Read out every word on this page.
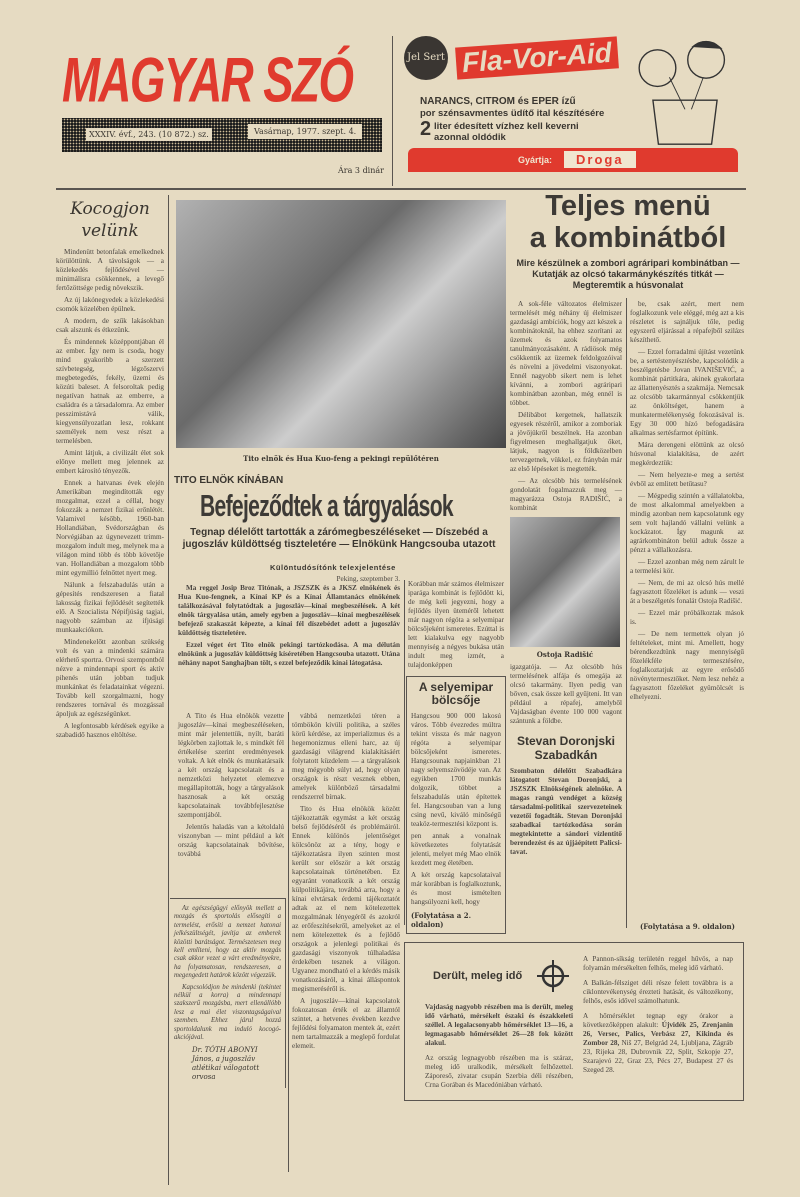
MAGYAR SZÓ
XXXIV. évf., 243. (10 872.) sz.	Vasárnap, 1977. szept. 4.
Ára 3 dinár
Jel Sert Fla-Vor-Aid
NARANCS, CITROM és EPER ízű
por szénsavmentes üdítő ital készítésére
2 liter édesített vízhez kell keverni
azonnal oldódik
Gyártja:	Droga
Kocogjon velünk

Mindenütt betonfalak emelkednek körülöttünk. A távolságok — a közlekedés fejlődésével — minimálisra csökkennek, a levegő fertőzöttsége pedig növekszik.

Az új lakónegyedek a közlekedési csomók közelében épülnek.

A modern, de szűk lakásokban csak alszunk és étkezünk.

És mindennek középpontjában él az ember. Így nem is csoda, hogy mind gyakoribb a szerzett szívbetegség, légzőszervi megbetegedés, fekély, üzemi és közúti baleset. A felsoroltak pedig negatívan hatnak az emberre, a családra és a társadalomra. Az ember pesszimistává válik, kiegyensúlyozatlan lesz, rokkant személyek nem vesz részt a termelésben.

Amint látjuk, a civilizált élet sok előnye mellett meg jelennek az embert károsító tényezők.

Ennek a hatvanas évek elején Amerikában megindították egy mozgalmat, ezzel a céllal, hogy fokozzák a nemzet fizikai erőnlétét. Valamivel később, 1960-ban Hollandiában, Svédországban és Norvégiában az úgynevezett trimm-mozgalom indult meg, melynek ma a világon mind több és több követője van. Hollandiában a mozgalom több mint egymillió felnőttet nyert meg.

Nálunk a felszabadulás után a gépesítés rendszeresen a fiatal lakosság fizikai fejlődését segítették elő. A Szocialista Népifjúság tagjai, nagyobb számban az ifjúsági munkaakciókon.

Mindenekelőtt azonban szükség volt és van a mindenki számára elérhető sportra. Orvosi szempontból nézve a mindennapi sport és aktív pihenés után jobban tudjuk munkánkat és feladatainkat végezni. Tovább kell szorgalmazni, hogy rendszeres tornával és mozgással ápoljuk az egészségünket.

A legfontosabb kérdések egyike a szabadidő hasznos eltöltése.

Tito elnök és Hua Kuo-feng a pekingi repülőtéren
TITO ELNÖK KÍNÁBAN
Befejeződtek a tárgyalások
Tegnap délelőtt tartották a zárómegbeszéléseket — Díszebéd a jugoszláv küldöttség tiszteletére — Elnökünk Hangcsouba utazott
Különtudósítónk telexjelentése
Peking, szeptember 3.

Ma reggel Josip Broz Titónak, a JSZSZK és a JKSZ elnökének és Hua Kuo-fengnek, a Kínai KP és a Kínai Államtanács elnökének találkozásával folytatódtak a jugoszláv—kínai megbeszélések. A két elnök tárgyalása után, amely egyben a jugoszláv—kínai megbeszélések befejező szakaszát képezte, a kínai fél díszebédet adott a jugoszláv küldöttség tiszteletére.

Ezzel véget ért Tito elnök pekingi tartózkodása. A ma délután elnökünk a jugoszláv küldöttség kíséretében Hangcsouba utazott. Utána néhány napot Sanghajban tölt, s ezzel befejeződik kínai látogatása.

A Tito és Hua elnökök vezette jugoszláv—kínai megbeszéléseken, mint már jelentettük, nyílt, baráti légkörben zajlottak le, s mindkét fél értékelése szerint eredményesek voltak. A két elnök és munkatársaik a két ország kapcsolatait és a nemzetközi helyzetet elemezve megállapították, hogy a tárgyalások hasznosak a két ország kapcsolatainak továbbfejlesztése szempontjából.

Jelentős haladás van a kétoldalú viszonyban — mint például a két ország kapcsolatainak bővítése, továbbá

vábbá nemzetközi téren a tömbökön kívüli politika, a széles körű kérdése, az imperializmus és a hegemonizmus elleni harc, az új gazdasági világrend kialakításáért folytatott küzdelem — a tárgyalások meg mégyobb súlyt ad, hogy olyan országok is részt vesznek ebben, amelyek különböző társadalmi rendszerrel bírnak.

Tito és Hua elnökök között tájékoztatták egymást a két ország belső fejlődéséről és problémáiról. Ennek különös jelentőséget kölcsönöz az a tény, hogy e tájékoztatásra ilyen szinten most került sor először a két ország kapcsolatainak történetében. Ez egyaránt vonatkozik a két ország külpolitikájára, továbbá arra, hogy a kínai elvtársak érdemi tájékoztatót adtak az el nem kötelezettek mozgalmának lényegéről és azokról az erőfeszítésekről, amelyeket az el nem kötelezettek és a fejlődő országok a jelenlegi politikai és gazdasági viszonyok túlhaladása érdekében tesznek a világon. Ugyanez mondható el a kérdés másik vonatkozásáról, a kínai álláspontok megismeréséről is.

A jugoszláv—kínai kapcsolatok fokozatosan érték el az államtól szintet, a hetvenes években kezdve fejlődési folyamaton mentek át, ezért nem tartalmazzák a meglepő fordulat elemeit.

Az egészségügyi előnyök mellett a mozgás és sportolás elősegíti a termelést, erősíti a nemzet hatonai jelkészültségét, javítja az emberek közötti barátságot. Természetesen meg kell említeni, hogy az aktív mozgás csak akkor vezet a várt eredményekre, ha folyamatosan, rendszeresen, a megengedett határok között végezzük.

Kapcsolódjon be mindenki (tekintet nélkül a korra) a mindennapi szakszerű mozgásba, mert ellenállóbb lesz a mai élet viszontagságaival szemben. Ehhez járul hozzá sportoldalunk ma induló kocogó-akciójával.

Dr. TÓTH ABONYI János, a jugoszláv atlétikai válogatott orvosa
Teljes menü
a kombinátból
Mire készülnek a zombori agráripari kombinátban — Kutatják az olcsó takarmánykészítés titkát — Megteremtik a húsvonalat

A sok-féle változatos élelmiszer termelését még néhány új élelmiszer gazdasági ambíciók, hogy azt készek a kombinátoknál, ha ehhez szorítani az üzemek és azok folyamatos tanulmányozásaként. A rádiösok még csökkentik az üzemek feldolgozóival és növelni a jövedelmi viszonyokat. Ennél nagyobb sikert nem is lehet kívánni, a zombori agráripari kombinátban azonban, még ennél is többet.

Délibábot kergetnek, hallatszik egyesek részéről, amikor a zomboriak a jövőjükről beszélnek. Ha azonban figyelmesen meghallgatjuk őket, látjuk, nagyon is földközelben tervezgetnek, vükkel, ez fránybán már az első lépéseket is megtették.

— Az olcsóbb hús termelésének gondolatát fogalmazzuk meg — magyarázza Ostoja RADIŠIĆ, a kombinát

Ostoja Radišić
igazgatója. — Az olcsóbb hús termelésének alfája és omegája az olcsó takarmány. Ilyen pedig van bőven, csak össze kell gyűjteni. Itt van például a répafej, amelyből Vajdaságban évente 100 000 vagont szántunk a földbe.
Stevan Doronjski Szabadkán
Szombaton délelőtt Szabadkára látogatott Stevan Doronjski, a JSZSZK Elnökségének alelnöke. A magas rangú vendéget a község társadalmi-politikai szervezeteinek vezetői fogadták. Stevan Doronjski szabadkai tartózkodása során megtekintette a sándori vízlentitő berendezést és az újjáépített Palicsi-tavat.

be, csak azért, mert nem foglalkozunk vele eléggé, még azt a kis részletet is sajnáljuk tőle, pedig egyszerű eljárással a répafejből szilázs készíthető.

— Ezzel forradalmi újítást vezetünk be, a sertéstenyésztésbe, kapcsolódik a beszélgetésbe Jovan IVANIŠEVIĆ, a kombinát pártitkára, akinek gyakorlata az állattenyésztés a szakmája. Nemcsak az olcsóbb takarmánnyal csökkentjük az önköltséget, hanem a munkatermelékenység fokozásával is. Egy 30 000 hízó befogadására alkalmas sertésfarmot építünk.

Mára derengeni elöttünk az olcsó húsvonal kialakítása, de azért megkérdeztük:

— Nem helyezte-e meg a sertést évből az emlitett betűtasu?

— Mégpedig szintén a vállalatokba, de most alkalommal amelyekben a mindig azonban nem kapcsolatunk egy sem volt hajlandó vállalni velünk a kockázatot. Így magunk az agrárkombináton belül adtuk össze a pénzt a vállalkozásra.

— Ezzel azonban még nem zárult le a termelési kör.

— Nem, de mi az olcsó hús mellé fagyasztott főzeléket is adunk — veszi át a beszélgetés fonalát Ostoja Radišić.

— Ezzel már próbálkoztak mások is.

— De nem termettek olyan jó feltételeket, mint mi. Amellett, hogy bérendkezdtünk nagy mennyiségű főzelékféle termesztésére, foglalkoztatjuk az egyre erősödő növénytermesztőket. Nem lesz nehéz a fagyasztott főzeléket gyümölcsét is elhelyezni.

(Folytatása a 9. oldalon)
Korábban már számos élelmiszer iparága kombinát is fejlődött ki, de még keli jegyezni, hogy a fejlődés ilyen üteméről lehetett már nagyon régóta a selyemipar bölcsőjeként ismeretes. Ezúttal is lett kialakulva egy nagyobb mennyiség a négyes bukása után indult meg izmét, a tulajdonképpen
A selyemipar bölcsője
Hangcsou 900 000 lakosú város. Több évezredes múltra tekint vissza és már nagyon régóta a selyemipar bölcsőjeként ismeretes. Hangcsounak napjainkban 21 nagy selyemszövödéje van. Az egyikben 1700 munkás dolgozik, többet a felszabadulás után építettek fel. Hangcsouban van a lung csing nevű, kiváló minőségű teaköz-termesztési központ is.
pen annak a vonalnak következetes folytatását jelenti, melyet még Mao elnök kezdett meg életében.
A két ország kapcsolataival már korábban is foglalkoztunk, és most ismételten hangsúlyozni kell, hogy
(Folytatása a 2. oldalon)
Derült, meleg idő
Vajdaság nagyobb részében ma is derült, meleg idő várható, mérsékelt északi és északkeleti széllel. A legalacsonyabb hőmérséklet 13—16, a legmagasabb hőmérséklet 26—28 fok között alakul.
Az ország legnagyobb részében ma is száraz, meleg idő uralkodik, mérsékelt felhőzettel. Záporeső, zivatar csupán Szerbia déli részében, Crna Gorában és Macedóniában várható.
A Pannon-síkság területén reggel hűvös, a nap folyamán mérsékelten felhős, meleg idő várható.
A Balkán-félsziget déli része felett továbbra is a ciklontevékenység érezteti hatását, és változékony, felhős, esős idővel számolhatunk.
A hőmérséklet tegnap egy órakor a következőképpen alakult: Újvidék 25, Zrenjanin 26, Versec, Palics, Verbász 27, Kikinda és Zombor 28, Niš 27, Belgrád 24, Ljubljana, Zágráb 23, Rijeka 28, Dubrovnik 22, Split, Szkopje 27, Szarajevó 22, Graz 23, Pécs 27, Budapest 27 és Szeged 28.
